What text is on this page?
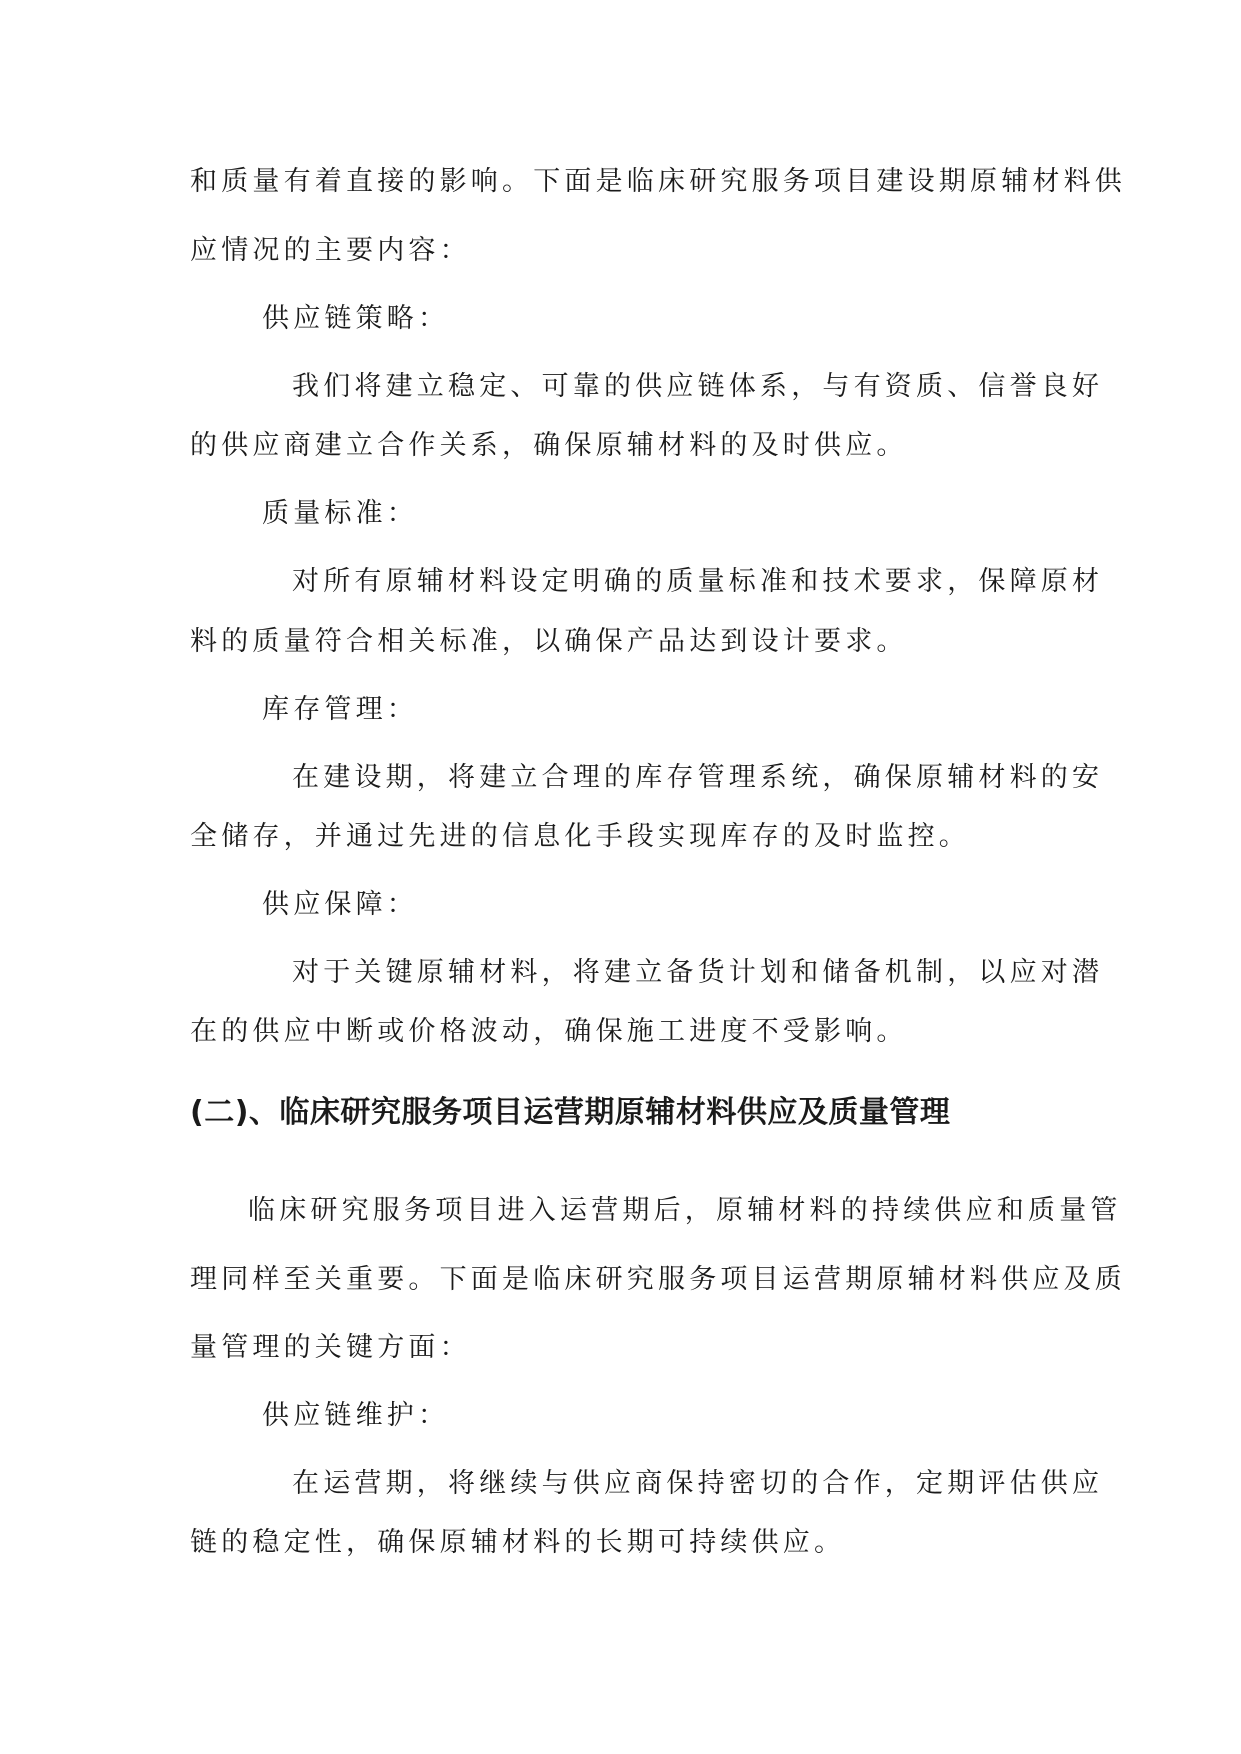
和质量有着直接的影响。下面是临床研究服务项目建设期原辅材料供
应情况的主要内容：
供应链策略：
我们将建立稳定、可靠的供应链体系，与有资质、信誉良好
的供应商建立合作关系，确保原辅材料的及时供应。
质量标准：
对所有原辅材料设定明确的质量标准和技术要求，保障原材
料的质量符合相关标准，以确保产品达到设计要求。
库存管理：
在建设期，将建立合理的库存管理系统，确保原辅材料的安
全储存，并通过先进的信息化手段实现库存的及时监控。
供应保障：
对于关键原辅材料，将建立备货计划和储备机制，以应对潜
在的供应中断或价格波动，确保施工进度不受影响。
(二)、临床研究服务项目运营期原辅材料供应及质量管理
临床研究服务项目进入运营期后，原辅材料的持续供应和质量管
理同样至关重要。下面是临床研究服务项目运营期原辅材料供应及质
量管理的关键方面：
供应链维护：
在运营期，将继续与供应商保持密切的合作，定期评估供应
链的稳定性，确保原辅材料的长期可持续供应。
